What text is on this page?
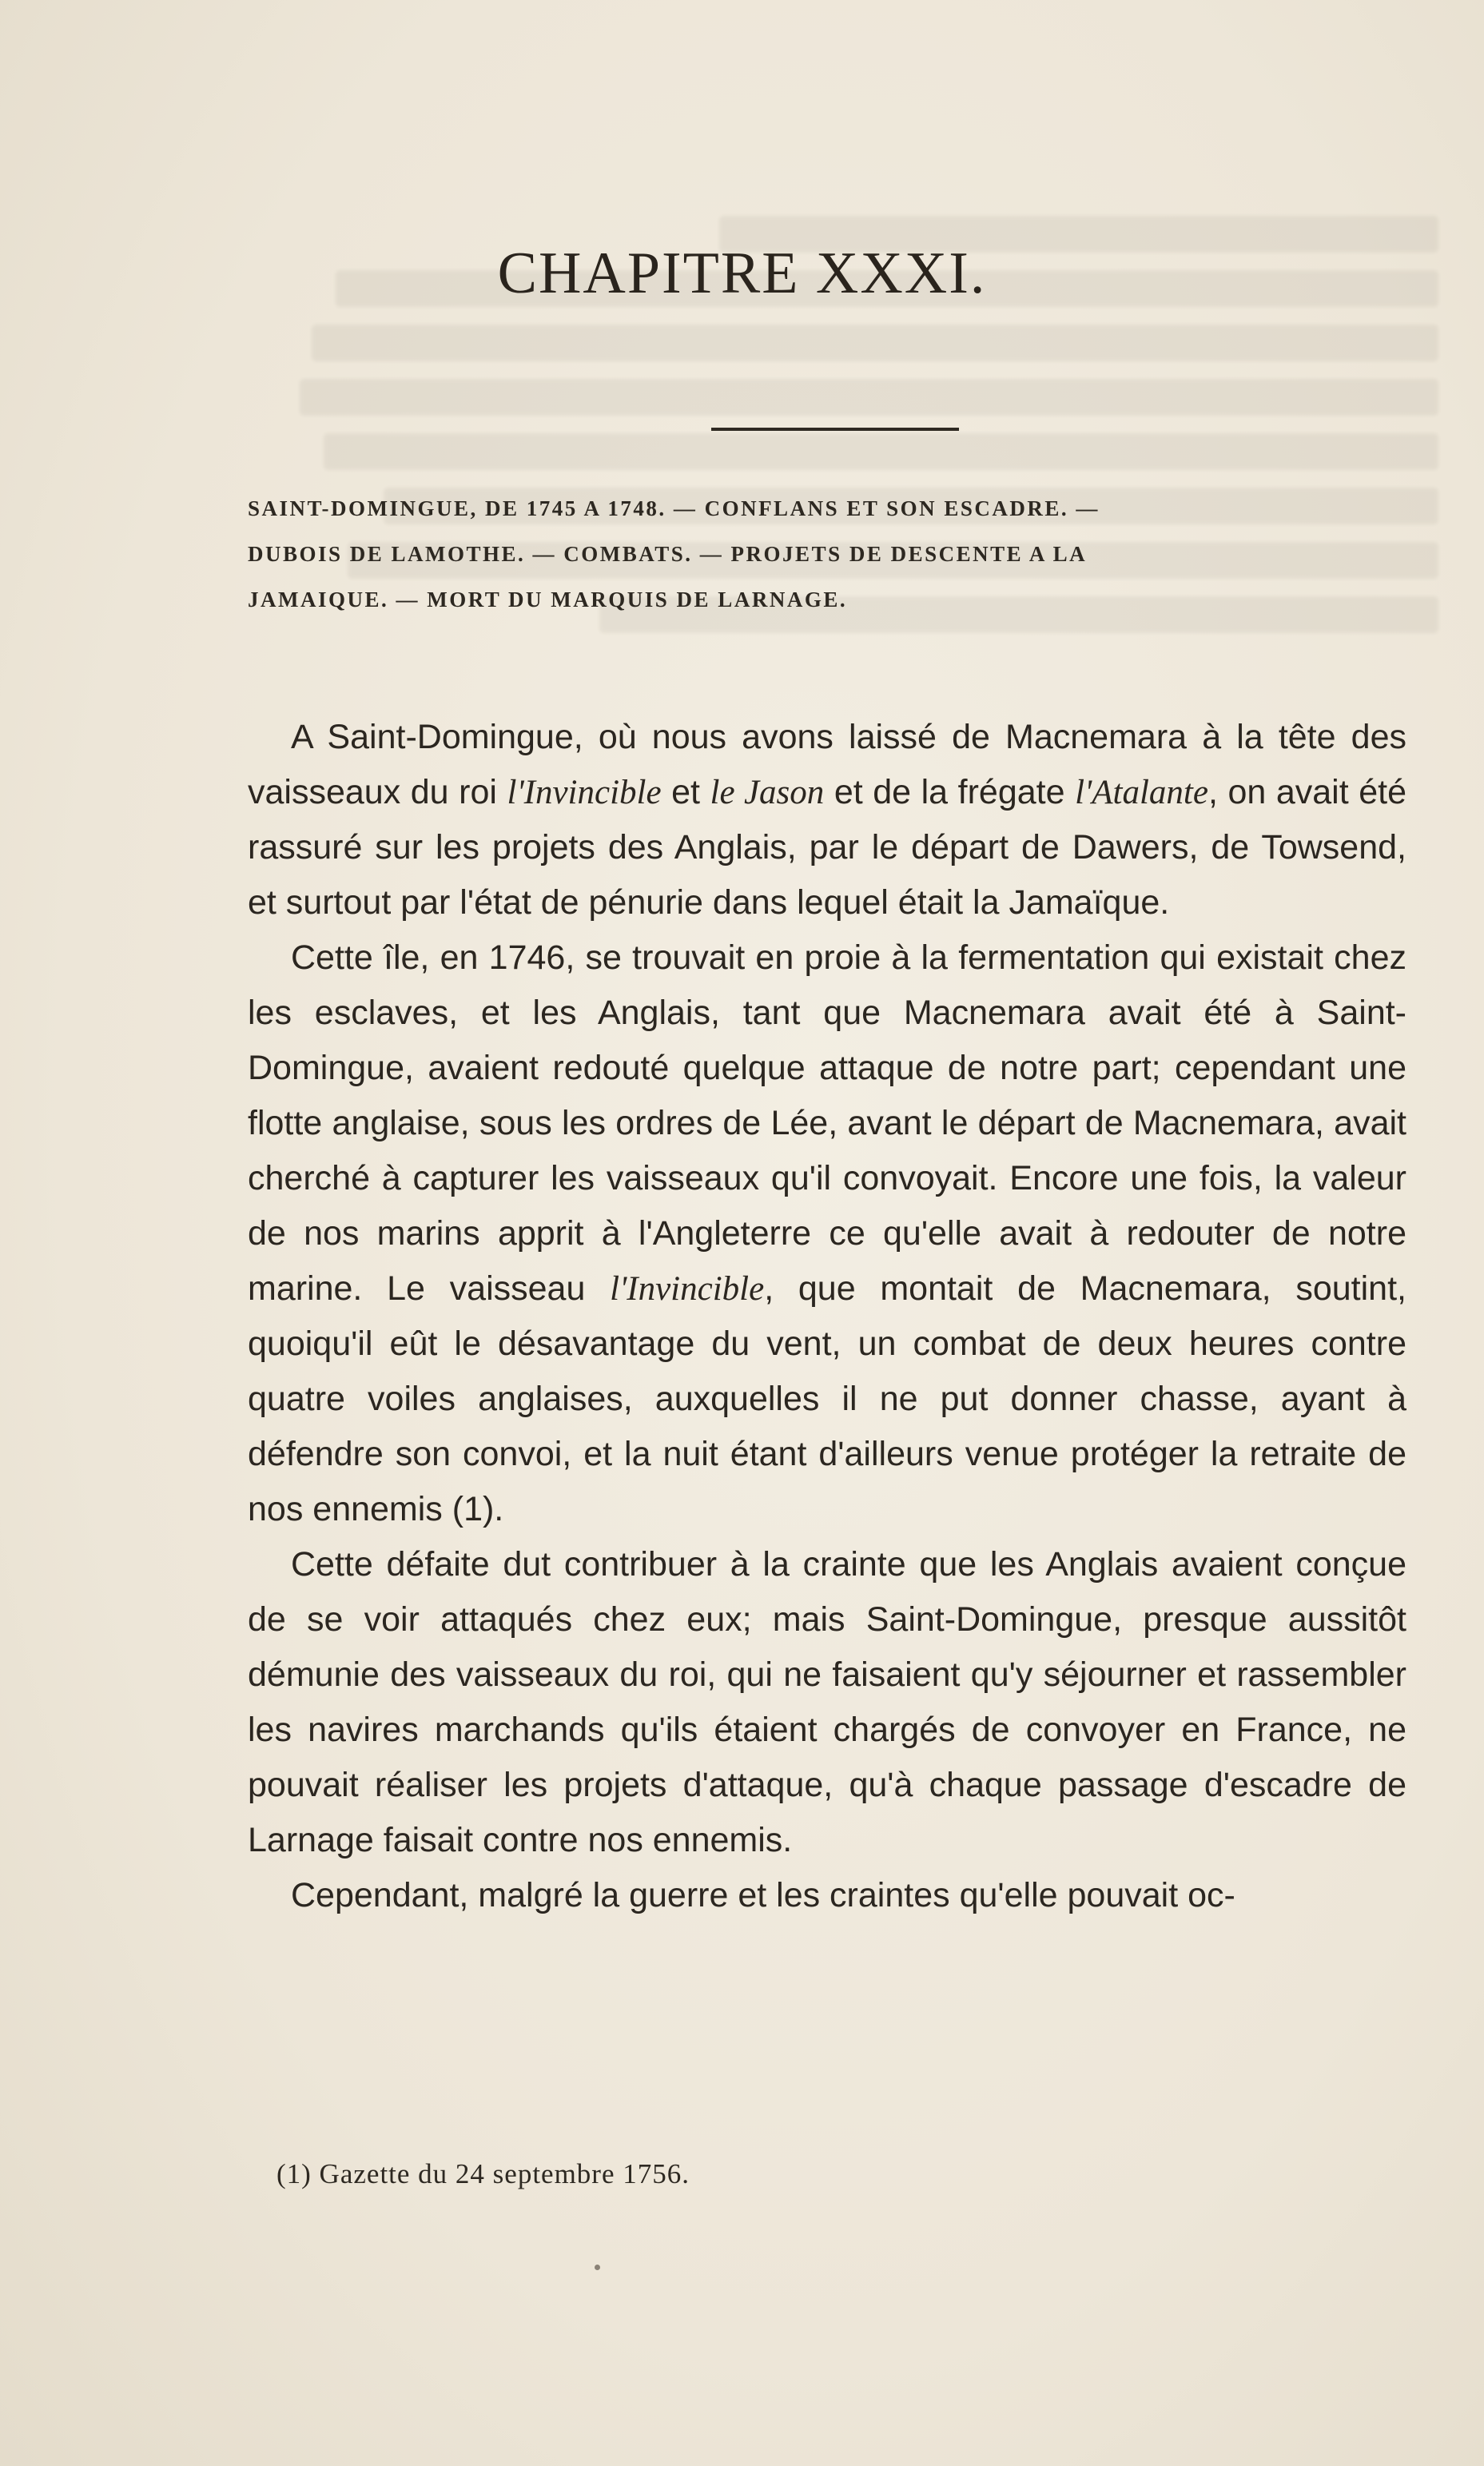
CHAPITRE XXXI.
SAINT-DOMINGUE, DE 1745 A 1748. — CONFLANS ET SON ESCADRE. —
DUBOIS DE LAMOTHE. — COMBATS. — PROJETS DE DESCENTE A LA
JAMAIQUE. — MORT DU MARQUIS DE LARNAGE.

A Saint-Domingue, où nous avons laissé de Macnemara à la tête des vaisseaux du roi l'Invincible et le Jason et de la frégate l'Atalante, on avait été rassuré sur les projets des Anglais, par le départ de Dawers, de Towsend, et surtout par l'état de pénurie dans lequel était la Jamaïque.

Cette île, en 1746, se trouvait en proie à la fermentation qui existait chez les esclaves, et les Anglais, tant que Macnemara avait été à Saint-Domingue, avaient redouté quelque attaque de notre part; cependant une flotte anglaise, sous les ordres de Lée, avant le départ de Macnemara, avait cherché à capturer les vaisseaux qu'il convoyait. Encore une fois, la valeur de nos marins apprit à l'Angleterre ce qu'elle avait à redouter de notre marine. Le vaisseau l'Invincible, que montait de Macnemara, soutint, quoiqu'il eût le désavantage du vent, un combat de deux heures contre quatre voiles anglaises, auxquelles il ne put donner chasse, ayant à défendre son convoi, et la nuit étant d'ailleurs venue protéger la retraite de nos ennemis (1).

Cette défaite dut contribuer à la crainte que les Anglais avaient conçue de se voir attaqués chez eux; mais Saint-Domingue, presque aussitôt démunie des vaisseaux du roi, qui ne faisaient qu'y séjourner et rassembler les navires marchands qu'ils étaient chargés de convoyer en France, ne pouvait réaliser les projets d'attaque, qu'à chaque passage d'escadre de Larnage faisait contre nos ennemis.

Cependant, malgré la guerre et les craintes qu'elle pouvait oc-

(1) Gazette du 24 septembre 1756.
